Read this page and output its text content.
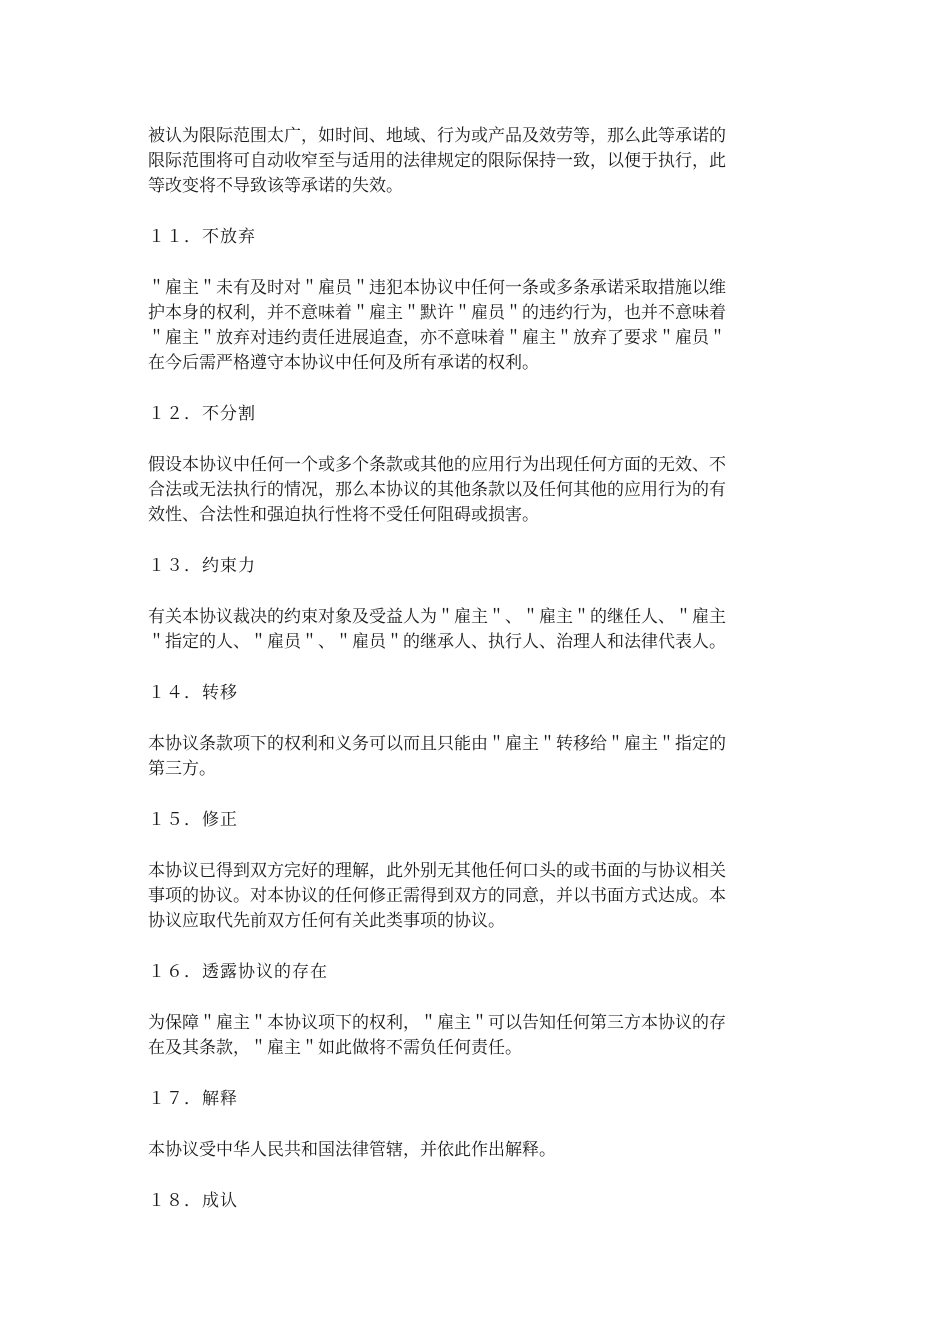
被认为限际范围太广，如时间、地域、行为或产品及效劳等，那么此等承诺的
限际范围将可自动收窄至与适用的法律规定的限际保持一致，以便于执行，此
等改变将不导致该等承诺的失效。

１１．不放弃

＂雇主＂未有及时对＂雇员＂违犯本协议中任何一条或多条承诺采取措施以维
护本身的权利，并不意味着＂雇主＂默许＂雇员＂的违约行为，也并不意味着
＂雇主＂放弃对违约责任进展追查，亦不意味着＂雇主＂放弃了要求＂雇员＂
在今后需严格遵守本协议中任何及所有承诺的权利。

１２．不分割

假设本协议中任何一个或多个条款或其他的应用行为出现任何方面的无效、不
合法或无法执行的情况，那么本协议的其他条款以及任何其他的应用行为的有
效性、合法性和强迫执行性将不受任何阻碍或损害。

１３．约束力

有关本协议裁决的约束对象及受益人为＂雇主＂、＂雇主＂的继任人、＂雇主
＂指定的人、＂雇员＂、＂雇员＂的继承人、执行人、治理人和法律代表人。

１４．转移

本协议条款项下的权利和义务可以而且只能由＂雇主＂转移给＂雇主＂指定的
第三方。

１５．修正

本协议已得到双方完好的理解，此外别无其他任何口头的或书面的与协议相关
事项的协议。对本协议的任何修正需得到双方的同意，并以书面方式达成。本
协议应取代先前双方任何有关此类事项的协议。

１６．透露协议的存在

为保障＂雇主＂本协议项下的权利，＂雇主＂可以告知任何第三方本协议的存
在及其条款，＂雇主＂如此做将不需负任何责任。

１７．解释

本协议受中华人民共和国法律管辖，并依此作出解释。

１８．成认
